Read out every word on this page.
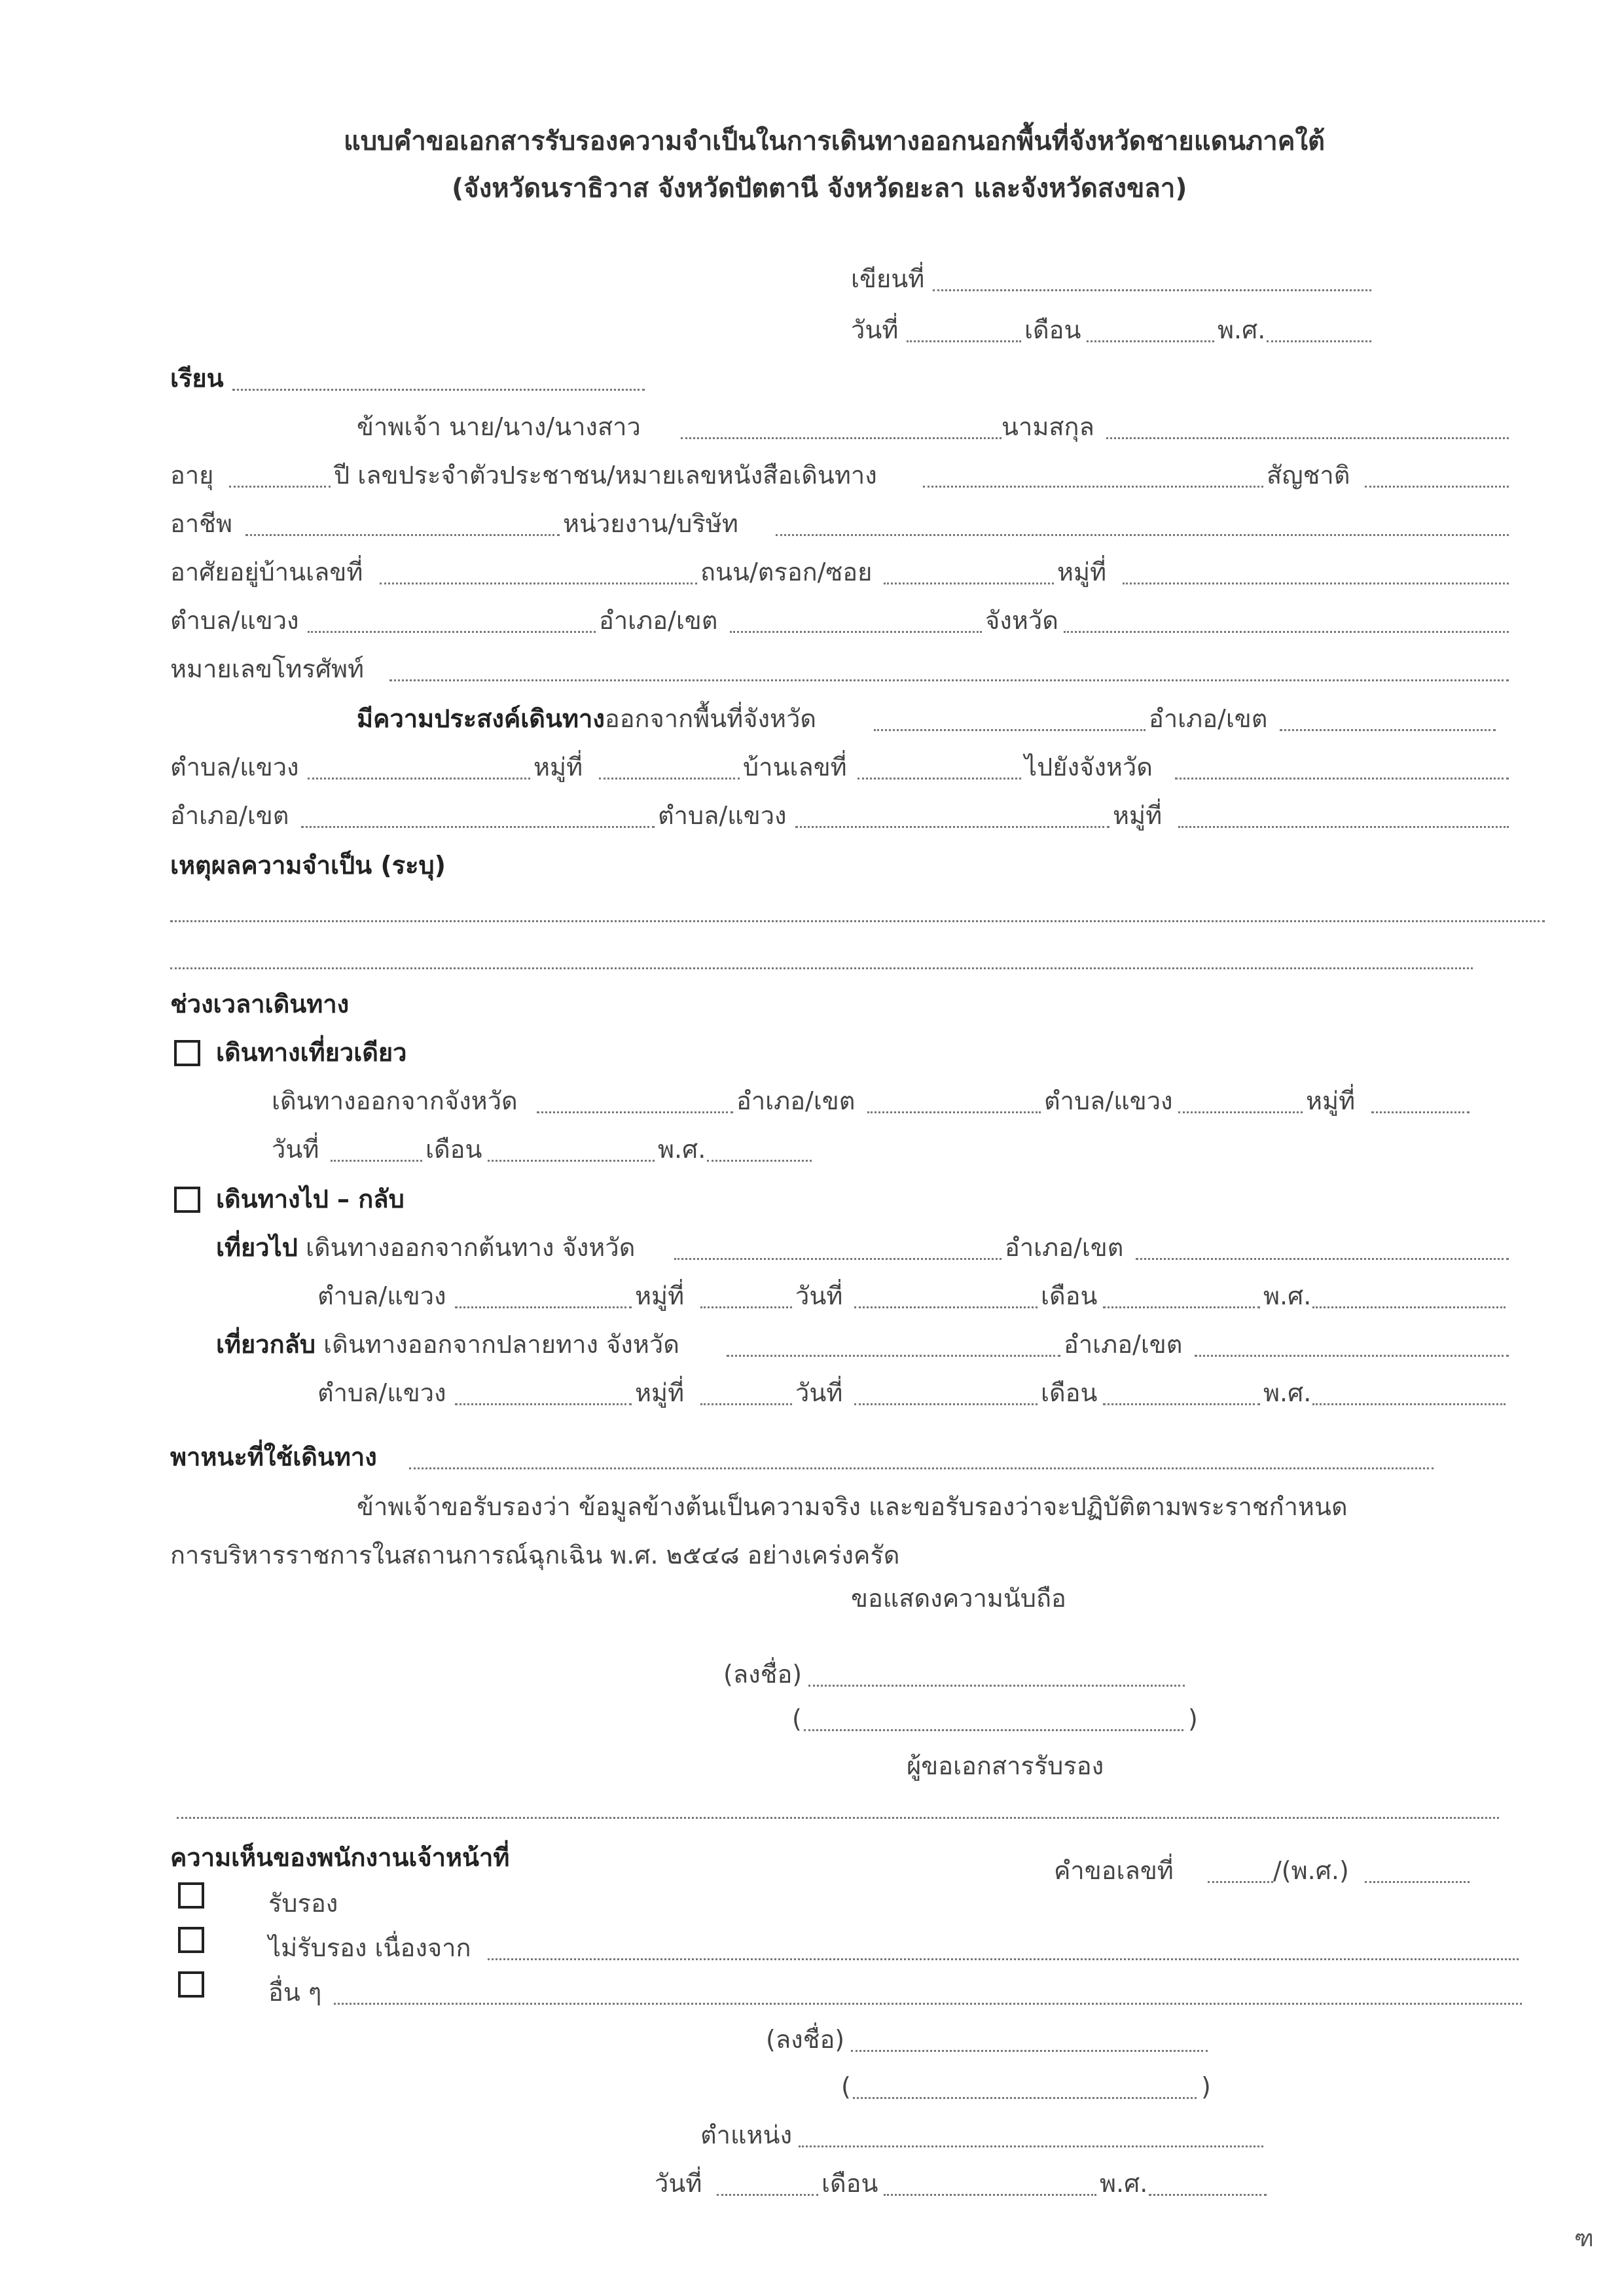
แบบคำขอเอกสารรับรองความจำเป็นในการเดินทางออกนอกพื้นที่จังหวัดชายแดนภาคใต้
(จังหวัดนราธิวาส จังหวัดปัตตานี จังหวัดยะลา และจังหวัดสงขลา)
เขียนที่
วันที่	เดือน	พ.ศ.
เรียน
ข้าพเจ้า นาย/นาง/นางสาว	นามสกุล
อายุ	ปี เลขประจำตัวประชาชน/หมายเลขหนังสือเดินทาง	สัญชาติ
อาชีพ	หน่วยงาน/บริษัท
อาศัยอยู่บ้านเลขที่	ถนน/ตรอก/ซอย	หมู่ที่
ตำบล/แขวง	อำเภอ/เขต	จังหวัด
หมายเลขโทรศัพท์
มีความประสงค์เดินทางออกจากพื้นที่จังหวัด	อำเภอ/เขต
ตำบล/แขวง	หมู่ที่	บ้านเลขที่	ไปยังจังหวัด
อำเภอ/เขต	ตำบล/แขวง	หมู่ที่
เหตุผลความจำเป็น (ระบุ)
ช่วงเวลาเดินทาง
เดินทางเที่ยวเดียว
เดินทางออกจากจังหวัด	อำเภอ/เขต	ตำบล/แขวง	หมู่ที่
วันที่	เดือน	พ.ศ.
เดินทางไป – กลับ
เที่ยวไป เดินทางออกจากต้นทาง จังหวัด	อำเภอ/เขต
ตำบล/แขวง	หมู่ที่	วันที่	เดือน	พ.ศ.
เที่ยวกลับ เดินทางออกจากปลายทาง จังหวัด	อำเภอ/เขต
ตำบล/แขวง	หมู่ที่	วันที่	เดือน	พ.ศ.
พาหนะที่ใช้เดินทาง
ข้าพเจ้าขอรับรองว่า ข้อมูลข้างต้นเป็นความจริง และขอรับรองว่าจะปฏิบัติตามพระราชกำหนด
การบริหารราชการในสถานการณ์ฉุกเฉิน พ.ศ. ๒๕๔๘ อย่างเคร่งครัด
ขอแสดงความนับถือ
(ลงชื่อ)
(	)
ผู้ขอเอกสารรับรอง
ความเห็นของพนักงานเจ้าหน้าที่	คำขอเลขที่	/(พ.ศ.)
รับรอง
ไม่รับรอง เนื่องจาก
อื่น ๆ
(ลงชื่อ)
(	)
ตำแหน่ง
วันที่	เดือน	พ.ศ.
ฑ
